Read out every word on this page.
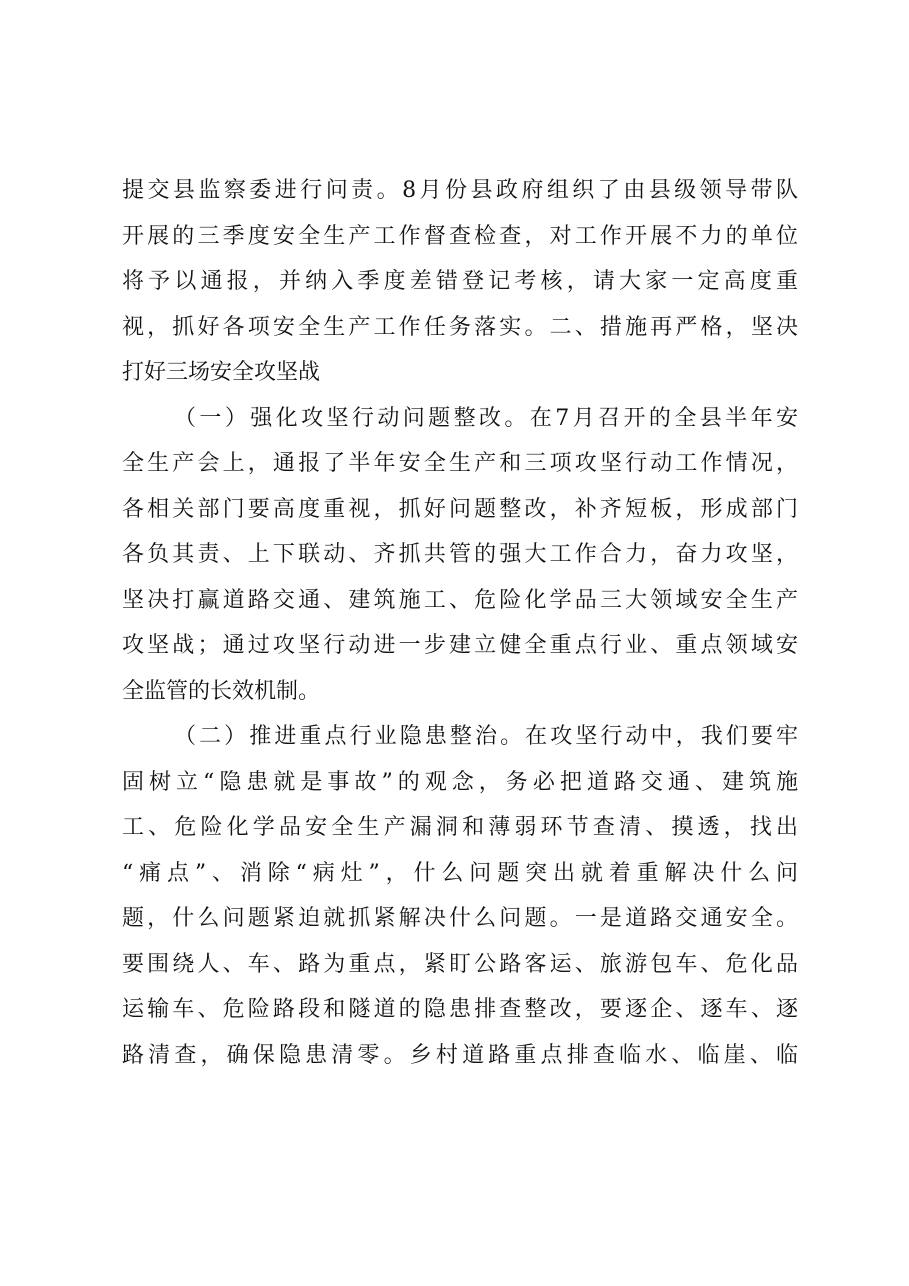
提交县监察委进行问责。8月份县政府组织了由县级领导带队
开展的三季度安全生产工作督查检查，对工作开展不力的单位
将予以通报，并纳入季度差错登记考核，请大家一定高度重
视，抓好各项安全生产工作任务落实。二、措施再严格，坚决
打好三场安全攻坚战
（一）强化攻坚行动问题整改。在7月召开的全县半年安
全生产会上，通报了半年安全生产和三项攻坚行动工作情况，
各相关部门要高度重视，抓好问题整改，补齐短板，形成部门
各负其责、上下联动、齐抓共管的强大工作合力，奋力攻坚，
坚决打赢道路交通、建筑施工、危险化学品三大领域安全生产
攻坚战；通过攻坚行动进一步建立健全重点行业、重点领域安
全监管的长效机制。
（二）推进重点行业隐患整治。在攻坚行动中，我们要牢
固树立“隐患就是事故”的观念，务必把道路交通、建筑施
工、危险化学品安全生产漏洞和薄弱环节查清、摸透，找出
“痛点”、消除“病灶”，什么问题突出就着重解决什么问
题，什么问题紧迫就抓紧解决什么问题。一是道路交通安全。
要围绕人、车、路为重点，紧盯公路客运、旅游包车、危化品
运输车、危险路段和隧道的隐患排查整改，要逐企、逐车、逐
路清查，确保隐患清零。乡村道路重点排查临水、临崖、临
